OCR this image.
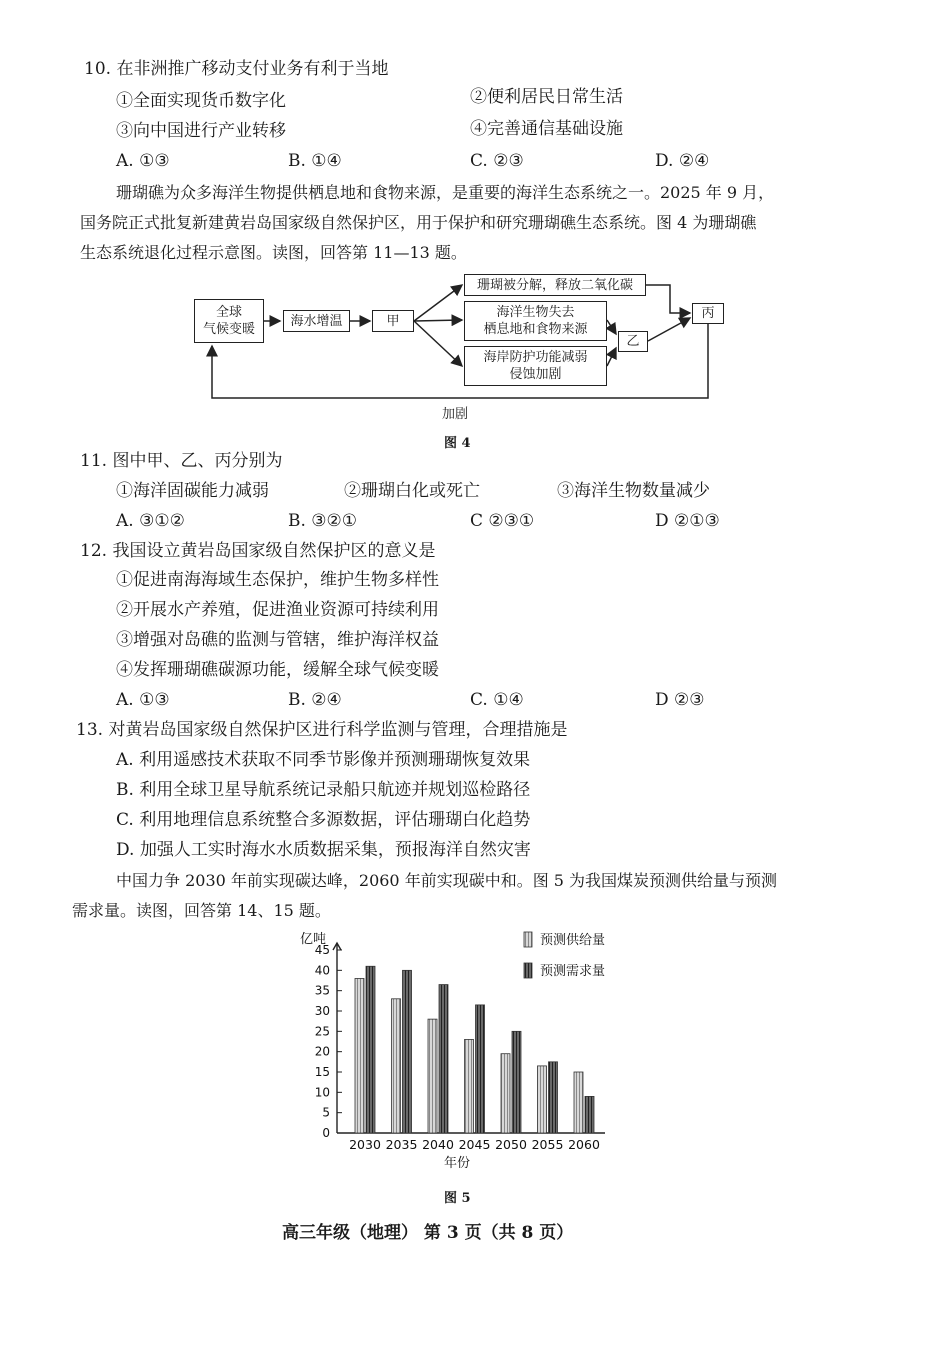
10. 在非洲推广移动支付业务有利于当地
①全面实现货币数字化	②便利居民日常生活
③向中国进行产业转移	④完善通信基础设施
A. ①③	B. ①④	C. ②③	D. ②④
珊瑚礁为众多海洋生物提供栖息地和食物来源，是重要的海洋生态系统之一。2025 年 9 月，
国务院正式批复新建黄岩岛国家级自然保护区，用于保护和研究珊瑚礁生态系统。图 4 为珊瑚礁
生态系统退化过程示意图。读图，回答第 11—13 题。
全球
气候变暖
海水增温	甲
珊瑚被分解，释放二氧化碳
海洋生物失去
栖息地和食物来源
海岸防护功能减弱
侵蚀加剧
乙
丙
加剧
图 4
11. 图中甲、乙、丙分别为
①海洋固碳能力减弱	②珊瑚白化或死亡	③海洋生物数量减少
A. ③①②	B. ③②①	C ②③①	D ②①③
12. 我国设立黄岩岛国家级自然保护区的意义是
①促进南海海域生态保护，维护生物多样性
②开展水产养殖，促进渔业资源可持续利用
③增强对岛礁的监测与管辖，维护海洋权益
④发挥珊瑚礁碳源功能，缓解全球气候变暖
A. ①③	B. ②④	C. ①④	D ②③
13. 对黄岩岛国家级自然保护区进行科学监测与管理，合理措施是
A. 利用遥感技术获取不同季节影像并预测珊瑚恢复效果
B. 利用全球卫星导航系统记录船只航迹并规划巡检路径
C. 利用地理信息系统整合多源数据，评估珊瑚白化趋势
D. 加强人工实时海水水质数据采集，预报海洋自然灾害
中国力争 2030 年前实现碳达峰，2060 年前实现碳中和。图 5 为我国煤炭预测供给量与预测
需求量。读图，回答第 14、15 题。
亿吨
0
5
10
15
20
25
30
35
40
45
2030 2035 2040 2045 2050 2055 2060
年份
预测供给量
预测需求量
图 5
高三年级（地理） 第 3 页（共 8 页）
